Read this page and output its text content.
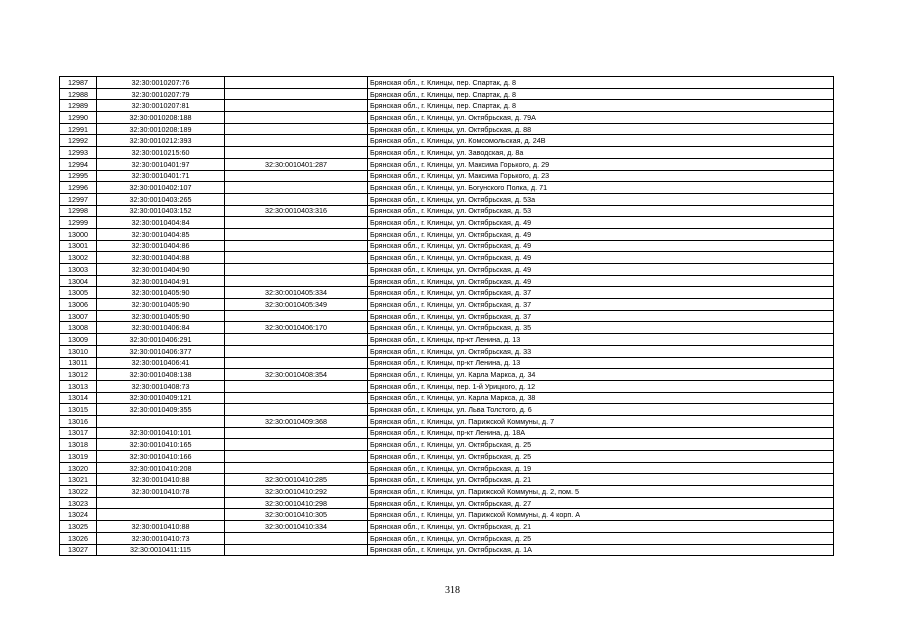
12987	32:30:0010207:76		Брянская обл., г. Клинцы, пер. Спартак, д. 8
12988	32:30:0010207:79		Брянская обл., г. Клинцы, пер. Спартак, д. 8
12989	32:30:0010207:81		Брянская обл., г. Клинцы, пер. Спартак, д. 8
12990	32:30:0010208:188		Брянская обл., г. Клинцы, ул. Октябрьская, д. 79А
12991	32:30:0010208:189		Брянская обл., г. Клинцы, ул. Октябрьская, д. 88
12992	32:30:0010212:393		Брянская обл., г. Клинцы, ул. Комсомольская, д. 24В
12993	32:30:0010215:60		Брянская обл., г. Клинцы, ул. Заводская, д. 8а
12994	32:30:0010401:97	32:30:0010401:287	Брянская обл., г. Клинцы, ул. Максима Горького, д. 29
12995	32:30:0010401:71		Брянская обл., г. Клинцы, ул. Максима Горького, д. 23
12996	32:30:0010402:107		Брянская обл., г. Клинцы, ул. Богунского Полка, д. 71
12997	32:30:0010403:265		Брянская обл., г. Клинцы, ул. Октябрьская, д. 53а
12998	32:30:0010403:152	32:30:0010403:316	Брянская обл., г. Клинцы, ул. Октябрьская, д. 53
12999	32:30:0010404:84		Брянская обл., г. Клинцы, ул. Октябрьская, д. 49
13000	32:30:0010404:85		Брянская обл., г. Клинцы, ул. Октябрьская, д. 49
13001	32:30:0010404:86		Брянская обл., г. Клинцы, ул. Октябрьская, д. 49
13002	32:30:0010404:88		Брянская обл., г. Клинцы, ул. Октябрьская, д. 49
13003	32:30:0010404:90		Брянская обл., г. Клинцы, ул. Октябрьская, д. 49
13004	32:30:0010404:91		Брянская обл., г. Клинцы, ул. Октябрьская, д. 49
13005	32:30:0010405:90	32:30:0010405:334	Брянская обл., г. Клинцы, ул. Октябрьская, д. 37
13006	32:30:0010405:90	32:30:0010405:349	Брянская обл., г. Клинцы, ул. Октябрьская, д. 37
13007	32:30:0010405:90		Брянская обл., г. Клинцы, ул. Октябрьская, д. 37
13008	32:30:0010406:84	32:30:0010406:170	Брянская обл., г. Клинцы, ул. Октябрьская, д. 35
13009	32:30:0010406:291		Брянская обл., г. Клинцы, пр-кт Ленина, д. 13
13010	32:30:0010406:377		Брянская обл., г. Клинцы, ул. Октябрьская, д. 33
13011	32:30:0010406:41		Брянская обл., г. Клинцы, пр-кт Ленина, д. 13
13012	32:30:0010408:138	32:30:0010408:354	Брянская обл., г. Клинцы, ул. Карла Маркса, д. 34
13013	32:30:0010408:73		Брянская обл., г. Клинцы, пер. 1-й Урицкого, д. 12
13014	32:30:0010409:121		Брянская обл., г. Клинцы, ул. Карла Маркса, д. 38
13015	32:30:0010409:355		Брянская обл., г. Клинцы, ул. Льва Толстого, д. 6
13016		32:30:0010409:368	Брянская обл., г. Клинцы, ул. Парижской Коммуны, д. 7
13017	32:30:0010410:101		Брянская обл., г. Клинцы, пр-кт Ленина, д. 18А
13018	32:30:0010410:165		Брянская обл., г. Клинцы, ул. Октябрьская, д. 25
13019	32:30:0010410:166		Брянская обл., г. Клинцы, ул. Октябрьская, д. 25
13020	32:30:0010410:208		Брянская обл., г. Клинцы, ул. Октябрьская, д. 19
13021	32:30:0010410:88	32:30:0010410:285	Брянская обл., г. Клинцы, ул. Октябрьская, д. 21
13022	32:30:0010410:78	32:30:0010410:292	Брянская обл., г. Клинцы, ул. Парижской Коммуны, д. 2, пом. 5
13023		32:30:0010410:298	Брянская обл., г. Клинцы, ул. Октябрьская, д. 27
13024		32:30:0010410:305	Брянская обл., г. Клинцы, ул. Парижской Коммуны, д. 4 корп. А
13025	32:30:0010410:88	32:30:0010410:334	Брянская обл., г. Клинцы, ул. Октябрьская, д. 21
13026	32:30:0010410:73		Брянская обл., г. Клинцы, ул. Октябрьская, д. 25
13027	32:30:0010411:115		Брянская обл., г. Клинцы, ул. Октябрьская, д. 1А
318
